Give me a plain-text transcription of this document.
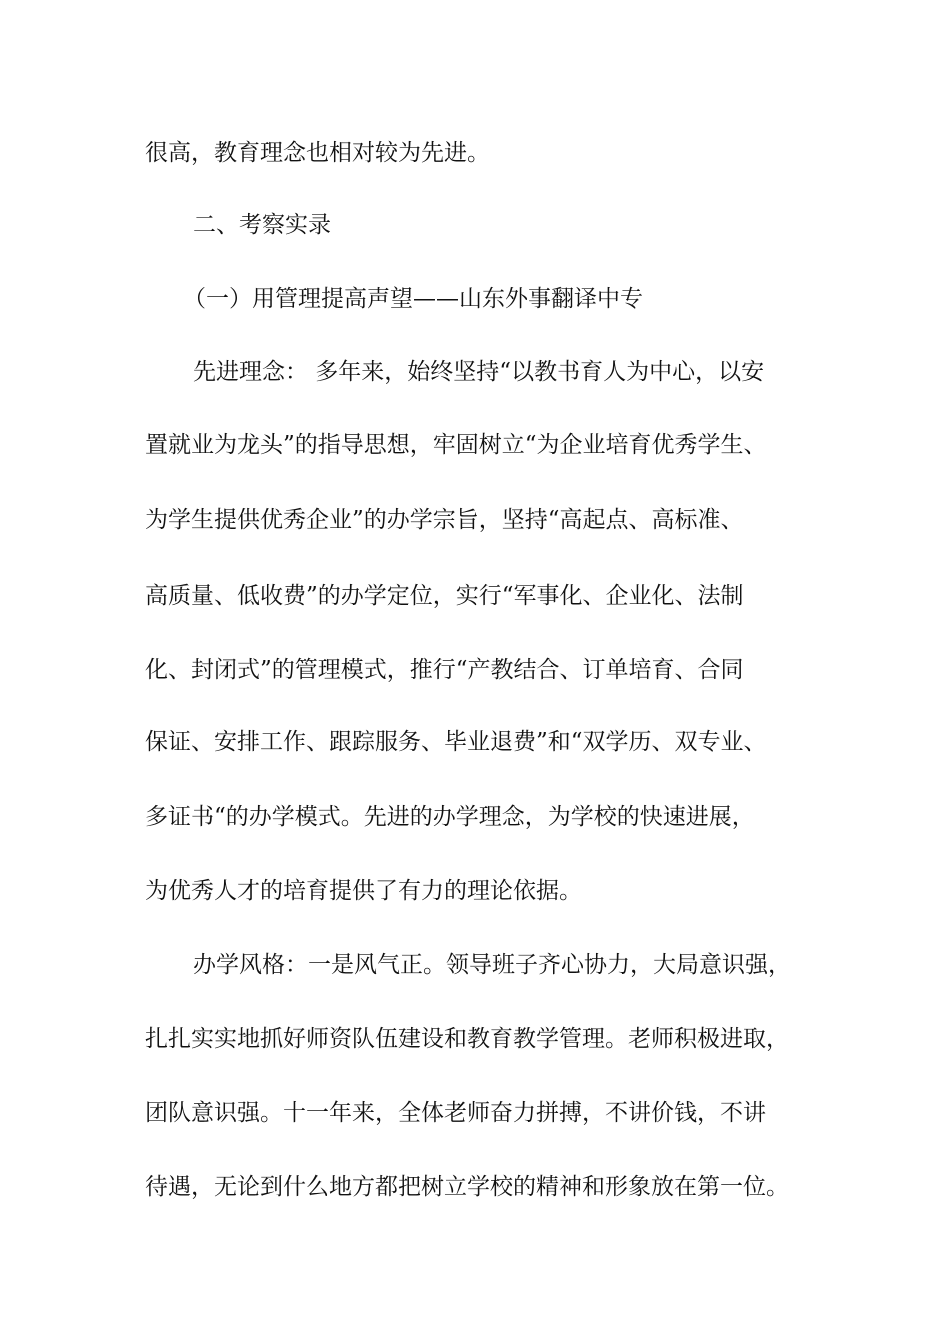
很高，教育理念也相对较为先进。
二、考察实录
（一）用管理提高声望——山东外事翻译中专
先进理念： 多年来，始终坚持“以教书育人为中心，以安
置就业为龙头”的指导思想，牢固树立“为企业培育优秀学生、
为学生提供优秀企业”的办学宗旨，坚持“高起点、高标准、
高质量、低收费”的办学定位，实行“军事化、企业化、法制
化、封闭式”的管理模式，推行“产教结合、订单培育、合同
保证、安排工作、跟踪服务、毕业退费”和“双学历、双专业、
多证书“的办学模式。先进的办学理念，为学校的快速进展，
为优秀人才的培育提供了有力的理论依据。
办学风格：一是风气正。领导班子齐心协力，大局意识强，
扎扎实实地抓好师资队伍建设和教育教学管理。老师积极进取，
团队意识强。十一年来，全体老师奋力拼搏，不讲价钱，不讲
待遇，无论到什么地方都把树立学校的精神和形象放在第一位。
